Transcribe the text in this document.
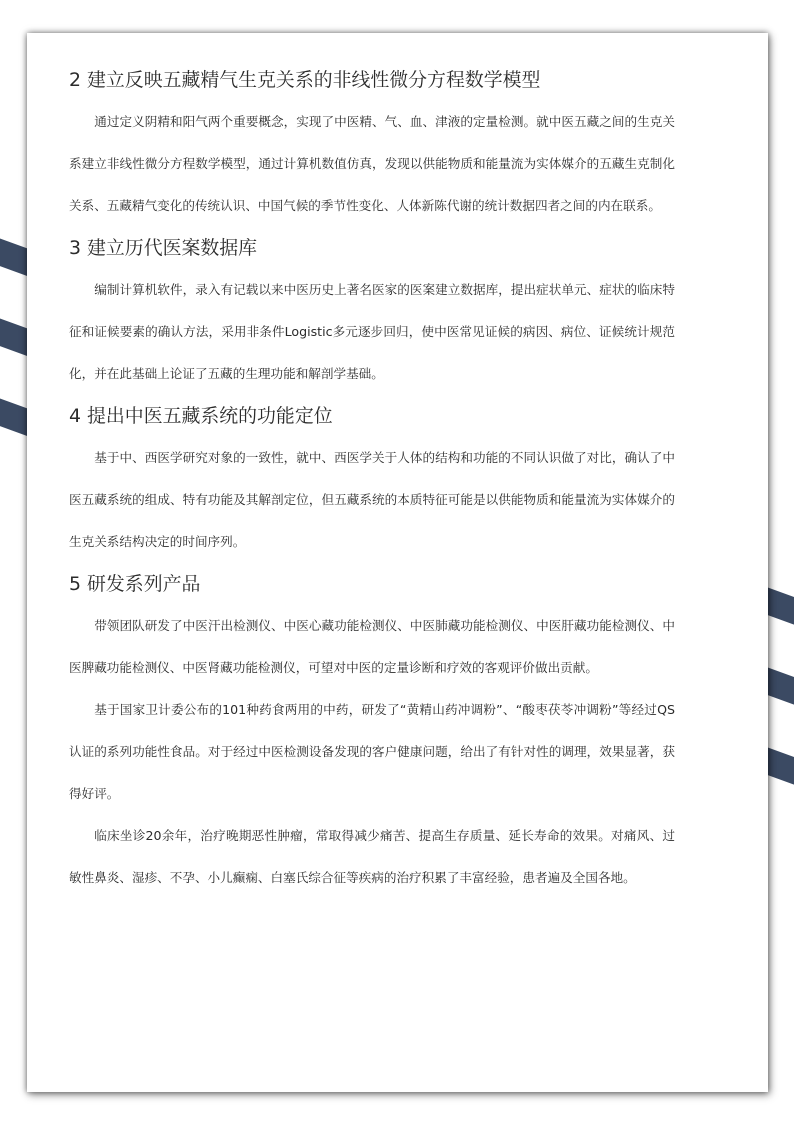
2 建立反映五藏精气生克关系的非线性微分方程数学模型

通过定义阴精和阳气两个重要概念，实现了中医精、气、血、津液的定量检测。就中医五藏之间的生克关系建立非线性微分方程数学模型，通过计算机数值仿真，发现以供能物质和能量流为实体媒介的五藏生克制化关系、五藏精气变化的传统认识、中国气候的季节性变化、人体新陈代谢的统计数据四者之间的内在联系。

3 建立历代医案数据库

编制计算机软件，录入有记载以来中医历史上著名医家的医案建立数据库，提出症状单元、症状的临床特征和证候要素的确认方法，采用非条件Logistic多元逐步回归，使中医常见证候的病因、病位、证候统计规范化，并在此基础上论证了五藏的生理功能和解剖学基础。

4 提出中医五藏系统的功能定位

基于中、西医学研究对象的一致性，就中、西医学关于人体的结构和功能的不同认识做了对比，确认了中医五藏系统的组成、特有功能及其解剖定位，但五藏系统的本质特征可能是以供能物质和能量流为实体媒介的生克关系结构决定的时间序列。

5 研发系列产品

带领团队研发了中医汗出检测仪、中医心藏功能检测仪、中医肺藏功能检测仪、中医肝藏功能检测仪、中医脾藏功能检测仪、中医肾藏功能检测仪，可望对中医的定量诊断和疗效的客观评价做出贡献。

基于国家卫计委公布的101种药食两用的中药，研发了“黄精山药冲调粉”、“酸枣茯苓冲调粉”等经过QS认证的系列功能性食品。对于经过中医检测设备发现的客户健康问题，给出了有针对性的调理，效果显著，获得好评。

临床坐诊20余年，治疗晚期恶性肿瘤，常取得减少痛苦、提高生存质量、延长寿命的效果。对痛风、过敏性鼻炎、湿疹、不孕、小儿癫痫、白塞氏综合征等疾病的治疗积累了丰富经验，患者遍及全国各地。
